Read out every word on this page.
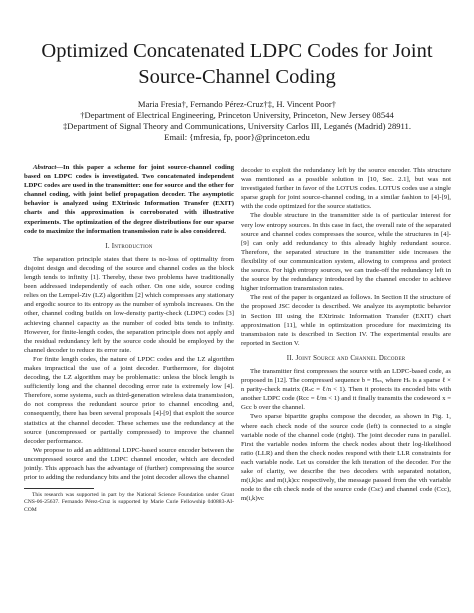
Optimized Concatenated LDPC Codes for Joint
Source-Channel Coding
Maria Fresia†, Fernando Pérez-Cruz†‡, H. Vincent Poor†
†Department of Electrical Engineering, Princeton University, Princeton, New Jersey 08544
‡Department of Signal Theory and Communications, University Carlos III, Leganés (Madrid) 28911.
Email: {mfresia, fp, poor}@princeton.edu

Abstract—In this paper a scheme for joint source-channel coding based on LDPC codes is investigated. Two concatenated independent LDPC codes are used in the transmitter: one for source and the other for channel coding, with joint belief propagation decoder. The asymptotic behavior is analyzed using EXtrinsic Information Transfer (EXIT) charts and this approximation is corroborated with illustrative experiments. The optimization of the degree distributions for our sparse code to maximize the information transmission rate is also considered.

I. Introduction

The separation principle states that there is no-loss of optimality from disjoint design and decoding of the source and channel codes as the block length tends to infinity [1]. Thereby, these two problems have traditionally been addressed independently of each other. On one side, source coding relies on the Lempel-Ziv (LZ) algorithm [2] which compresses any stationary and ergodic source to its entropy as the number of symbols increases. On the other, channel coding builds on low-density parity-check (LDPC) codes [3] achieving channel capacity as the number of coded bits tends to infinity. However, for finite-length codes, the separation principle does not apply and the residual redundancy left by the source code should be employed by the channel decoder to reduce its error rate.

For finite length codes, the nature of LPDC codes and the LZ algorithm makes impractical the use of a joint decoder. Furthermore, for disjoint decoding, the LZ algorithm may be problematic: unless the block length is sufficiently long and the channel decoding error rate is extremely low [4]. Therefore, some systems, such as third-generation wireless data transmission, do not compress the redundant source prior to channel encoding and, consequently, there has been several proposals [4]-[9] that exploit the source statistics at the channel decoder. These schemes use the redundancy at the source (uncompressed or partially compressed) to improve the channel decoder performance.

We propose to add an additional LDPC-based source encoder between the uncompressed source and the LDPC channel encoder, which are decoded jointly. This approach has the advantage of (further) compressing the source prior to adding the redundancy bits and the joint decoder allows the channel

This research was supported in part by the National Science Foundation under Grant CNS-06-25637. Fernando Pérez-Cruz is supported by Marie Curie Fellowship 040883-AI-COM

decoder to exploit the redundancy left by the source encoder. This structure was mentioned as a possible solution in [10, Sec. 2.1], but was not investigated further in favor of the LOTUS codes. LOTUS codes use a single sparse graph for joint source-channel coding, in a similar fashion to [4]-[9], with the code optimized for the source statistics.

The double structure in the transmitter side is of particular interest for very low entropy sources. In this case in fact, the overall rate of the separated source and channel codes compresses the source, while the structures in [4]-[9] can only add redundancy to this already highly redundant source. Therefore, the separated structure in the transmitter side increases the flexibility of our communication system, allowing to compress and protect the source. For high entropy sources, we can trade-off the redundancy left in the source by the redundancy introduced by the channel encoder to achieve higher information transmission rates.

The rest of the paper is organized as follows. In Section II the structure of the proposed JSC decoder is described. We analyze its asymptotic behavior in Section III using the EXtrinsic Information Transfer (EXIT) chart approximation [11], while in optimization procedure for maximizing its transmission rate is described in Section IV. The experimental results are reported in Section V.

II. Joint Source and Channel Decoder

The transmitter first compresses the source with an LDPC-based code, as proposed in [12]. The compressed sequence b = Hₛₛ, where Hₛ is a sparse ℓ × n parity-check matrix (Rₛc = ℓ/n < 1). Then it protects its encoded bits with another LDPC code (Rcc = ℓ/m < 1) and it finally transmits the codeword x = Gcc b over the channel.

Two sparse bipartite graphs compose the decoder, as shown in Fig. 1, where each check node of the source code (left) is connected to a single variable node of the channel code (right). The joint decoder runs in parallel. First the variable nodes inform the check nodes about their log-likelihood ratio (LLR) and then the check nodes respond with their LLR constraints for each variable node. Let us consider the kth iteration of the decoder. For the sake of clarity, we describe the two decoders with separated notation, m(i,k)sc and m(i,k)cc respectively, the message passed from the vth variable node to the cth check node of the source code (Csc) and channel code (Ccc), m(i,k)vc
